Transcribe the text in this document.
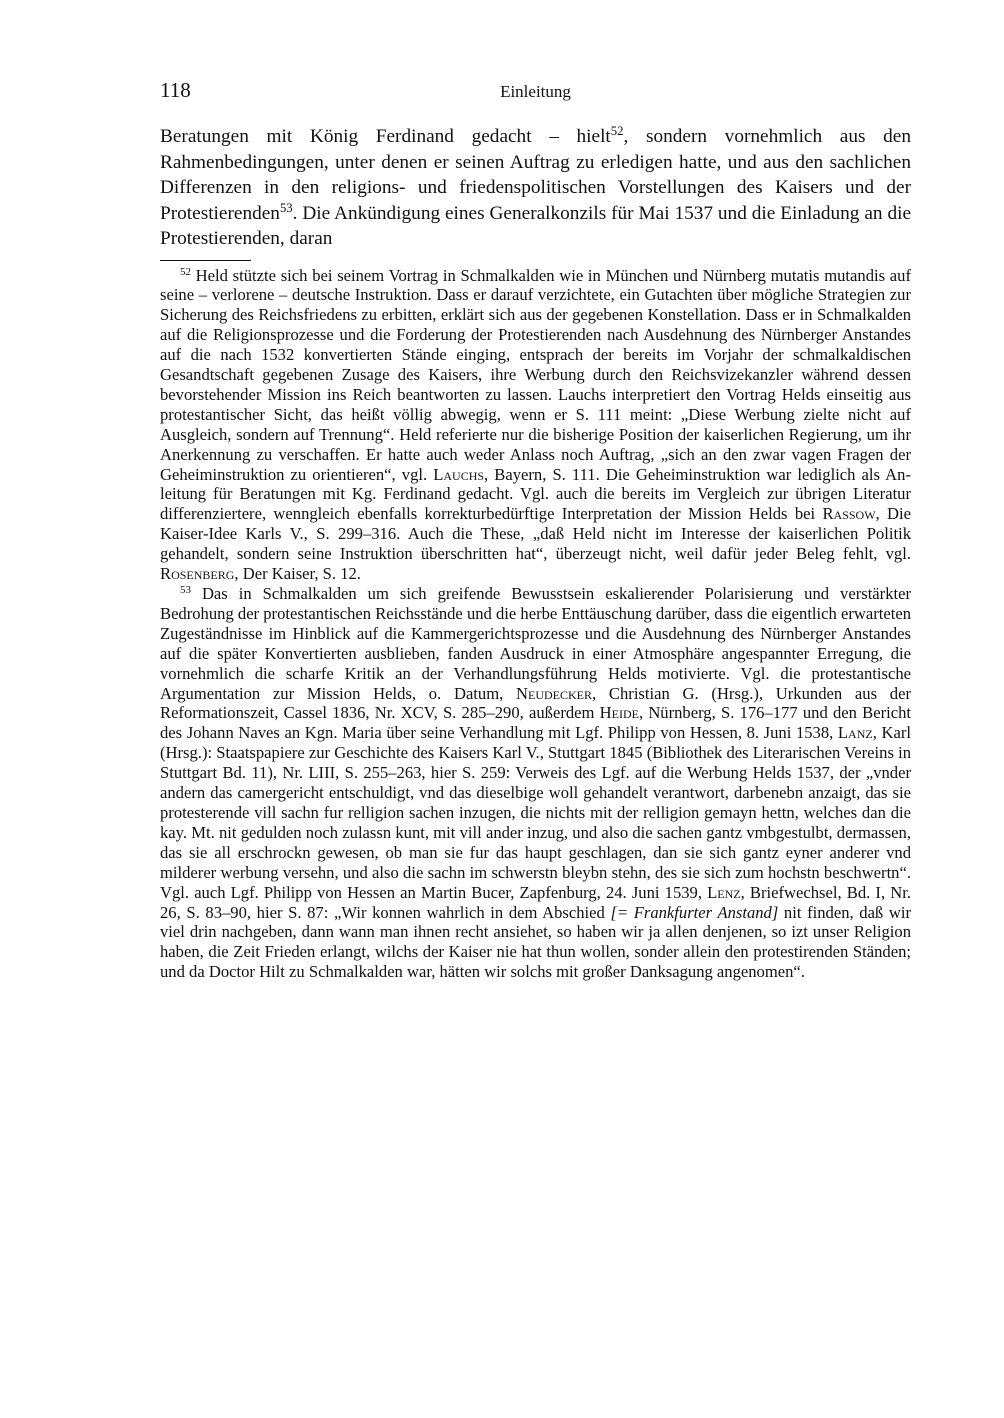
118	Einleitung

Beratungen mit König Ferdinand gedacht – hielt$^{52}$, sondern vornehmlich aus den Rahmenbedingungen, unter denen er seinen Auftrag zu erledigen hatte, und aus den sachlichen Differenzen in den religions- und friedenspolitischen Vorstellungen des Kaisers und der Protestierenden$^{53}$. Die Ankündigung eines Generalkonzils für Mai 1537 und die Einladung an die Protestierenden, daran

$^{52}$ Held stützte sich bei seinem Vortrag in Schmalkalden wie in München und Nürnberg mutatis mutandis auf seine – verlorene – deutsche Instruktion. Dass er darauf verzichtete, ein Gutachten über mögliche Strategien zur Sicherung des Reichsfriedens zu erbitten, erklärt sich aus der gegebenen Konstellation. Dass er in Schmalkalden auf die Religionsprozesse und die Forderung der Protestierenden nach Ausdehnung des Nürnberger Anstandes auf die nach 1532 konvertierten Stände einging, entsprach der bereits im Vorjahr der schmalkaldischen Gesandtschaft gegebenen Zusage des Kaisers, ihre Werbung durch den Reichsvizekanzler während dessen bevorstehender Mission ins Reich beantworten zu lassen. Lauchs interpretiert den Vortrag Helds einseitig aus protestantischer Sicht, das heißt völlig abwegig, wenn er S. 111 meint: „Diese Werbung zielte nicht auf Ausgleich, sondern auf Trennung“. Held referierte nur die bisherige Position der kaiserlichen Regierung, um ihr Anerkennung zu verschaffen. Er hatte auch weder Anlass noch Auftrag, „sich an den zwar vagen Fragen der Geheiminstruktion zu orientieren“, vgl. Lauchs, Bayern, S. 111. Die Geheiminstruktion war lediglich als Anleitung für Beratungen mit Kg. Ferdinand gedacht. Vgl. auch die bereits im Vergleich zur übrigen Literatur differenziertere, wenngleich ebenfalls korrekturbedürftige Interpretation der Mission Helds bei Rassow, Die Kaiser-Idee Karls V., S. 299–316. Auch die These, „daß Held nicht im Interesse der kaiserlichen Politik gehandelt, sondern seine Instruktion überschritten hat“, überzeugt nicht, weil dafür jeder Beleg fehlt, vgl. Rosenberg, Der Kaiser, S. 12.

$^{53}$ Das in Schmalkalden um sich greifende Bewusstsein eskalierender Polarisierung und verstärkter Bedrohung der protestantischen Reichsstände und die herbe Enttäuschung darüber, dass die eigentlich erwarteten Zugeständnisse im Hinblick auf die Kammergerichtsprozesse und die Ausdehnung des Nürnberger Anstandes auf die später Konvertierten ausblieben, fanden Ausdruck in einer Atmosphäre angespannter Erregung, die vornehmlich die scharfe Kritik an der Verhandlungsführung Helds motivierte. Vgl. die protestantische Argumentation zur Mission Helds, o. Datum, Neudecker, Christian G. (Hrsg.), Urkunden aus der Reformationszeit, Cassel 1836, Nr. XCV, S. 285–290, außerdem Heide, Nürnberg, S. 176–177 und den Bericht des Johann Naves an Kgn. Maria über seine Verhandlung mit Lgf. Philipp von Hessen, 8. Juni 1538, Lanz, Karl (Hrsg.): Staatspapiere zur Geschichte des Kaisers Karl V., Stuttgart 1845 (Bibliothek des Literarischen Vereins in Stuttgart Bd. 11), Nr. LIII, S. 255–263, hier S. 259: Verweis des Lgf. auf die Werbung Helds 1537, der „vnder andern das camergericht entschuldigt, vnd das dieselbige woll gehandelt verantwort, darbenebn anzaigt, das sie protesterende vill sachn fur relligion sachen inzugen, die nichts mit der relligion gemayn hettn, welches dan die kay. Mt. nit gedulden noch zulassn kunt, mit vill ander inzug, und also die sachen gantz vmbgestulbt, dermassen, das sie all erschrockn gewesen, ob man sie fur das haupt geschlagen, dan sie sich gantz eyner anderer vnd milderer werbung versehn, und also die sachn im schwerstn bleybn stehn, des sie sich zum hochstn beschwertn“. Vgl. auch Lgf. Philipp von Hessen an Martin Bucer, Zapfenburg, 24. Juni 1539, Lenz, Briefwechsel, Bd. I, Nr. 26, S. 83–90, hier S. 87: „Wir konnen wahrlich in dem Abschied [= Frankfurter Anstand] nit finden, daß wir viel drin nachgeben, dann wann man ihnen recht ansiehet, so haben wir ja allen denjenen, so izt unser Religion haben, die Zeit Frieden erlangt, wilchs der Kaiser nie hat thun wollen, sonder allein den protestirenden Ständen; und da Doctor Hilt zu Schmalkalden war, hätten wir solchs mit großer Danksagung angenomen“.
